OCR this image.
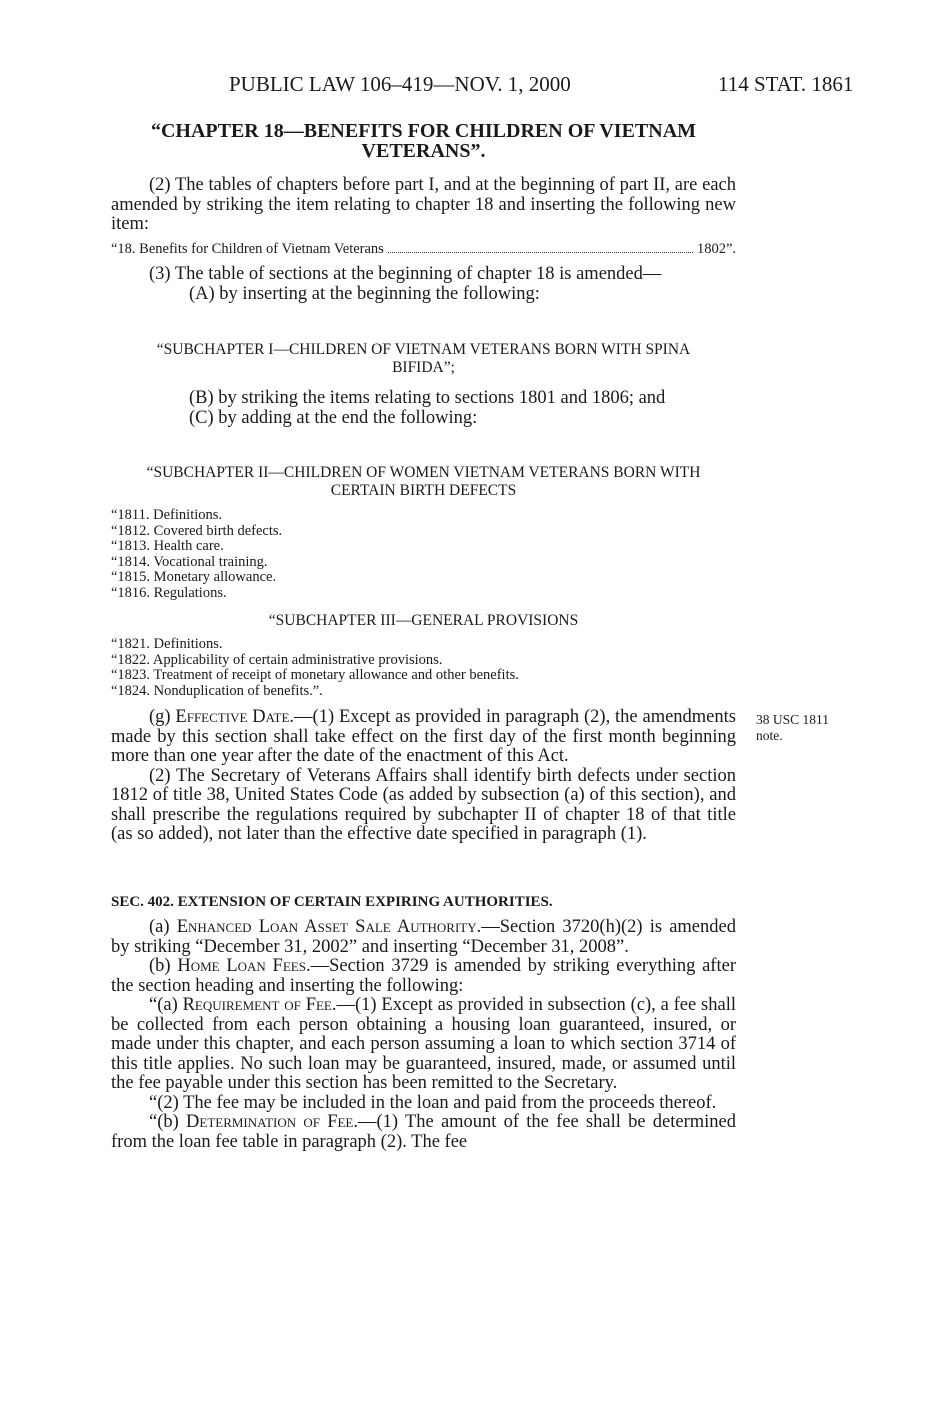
PUBLIC LAW 106–419—NOV. 1, 2000	114 STAT. 1861
“CHAPTER 18—BENEFITS FOR CHILDREN OF VIETNAM
VETERANS”.

(2) The tables of chapters before part I, and at the beginning of part II, are each amended by striking the item relating to chapter 18 and inserting the following new item:

“18. Benefits for Children of Vietnam Veterans	1802”.

(3) The table of sections at the beginning of chapter 18 is amended—

(A) by inserting at the beginning the following:

“SUBCHAPTER I—CHILDREN OF VIETNAM VETERANS BORN WITH SPINA
BIFIDA”;

(B) by striking the items relating to sections 1801 and 1806; and

(C) by adding at the end the following:

“SUBCHAPTER II—CHILDREN OF WOMEN VIETNAM VETERANS BORN WITH
CERTAIN BIRTH DEFECTS
“1811. Definitions.
“1812. Covered birth defects.
“1813. Health care.
“1814. Vocational training.
“1815. Monetary allowance.
“1816. Regulations.
“SUBCHAPTER III—GENERAL PROVISIONS
“1821. Definitions.
“1822. Applicability of certain administrative provisions.
“1823. Treatment of receipt of monetary allowance and other benefits.
“1824. Nonduplication of benefits.”.

(g) Effective Date.—(1) Except as provided in paragraph (2), the amendments made by this section shall take effect on the first day of the first month beginning more than one year after the date of the enactment of this Act.

(2) The Secretary of Veterans Affairs shall identify birth defects under section 1812 of title 38, United States Code (as added by subsection (a) of this section), and shall prescribe the regulations required by subchapter II of chapter 18 of that title (as so added), not later than the effective date specified in paragraph (1).

38 USC 1811
note.
SEC. 402. EXTENSION OF CERTAIN EXPIRING AUTHORITIES.

(a) Enhanced Loan Asset Sale Authority.—Section 3720(h)(2) is amended by striking “December 31, 2002” and inserting “December 31, 2008”.

(b) Home Loan Fees.—Section 3729 is amended by striking everything after the section heading and inserting the following:

“(a) Requirement of Fee.—(1) Except as provided in subsection (c), a fee shall be collected from each person obtaining a housing loan guaranteed, insured, or made under this chapter, and each person assuming a loan to which section 3714 of this title applies. No such loan may be guaranteed, insured, made, or assumed until the fee payable under this section has been remitted to the Secretary.

“(2) The fee may be included in the loan and paid from the proceeds thereof.

“(b) Determination of Fee.—(1) The amount of the fee shall be determined from the loan fee table in paragraph (2). The fee
